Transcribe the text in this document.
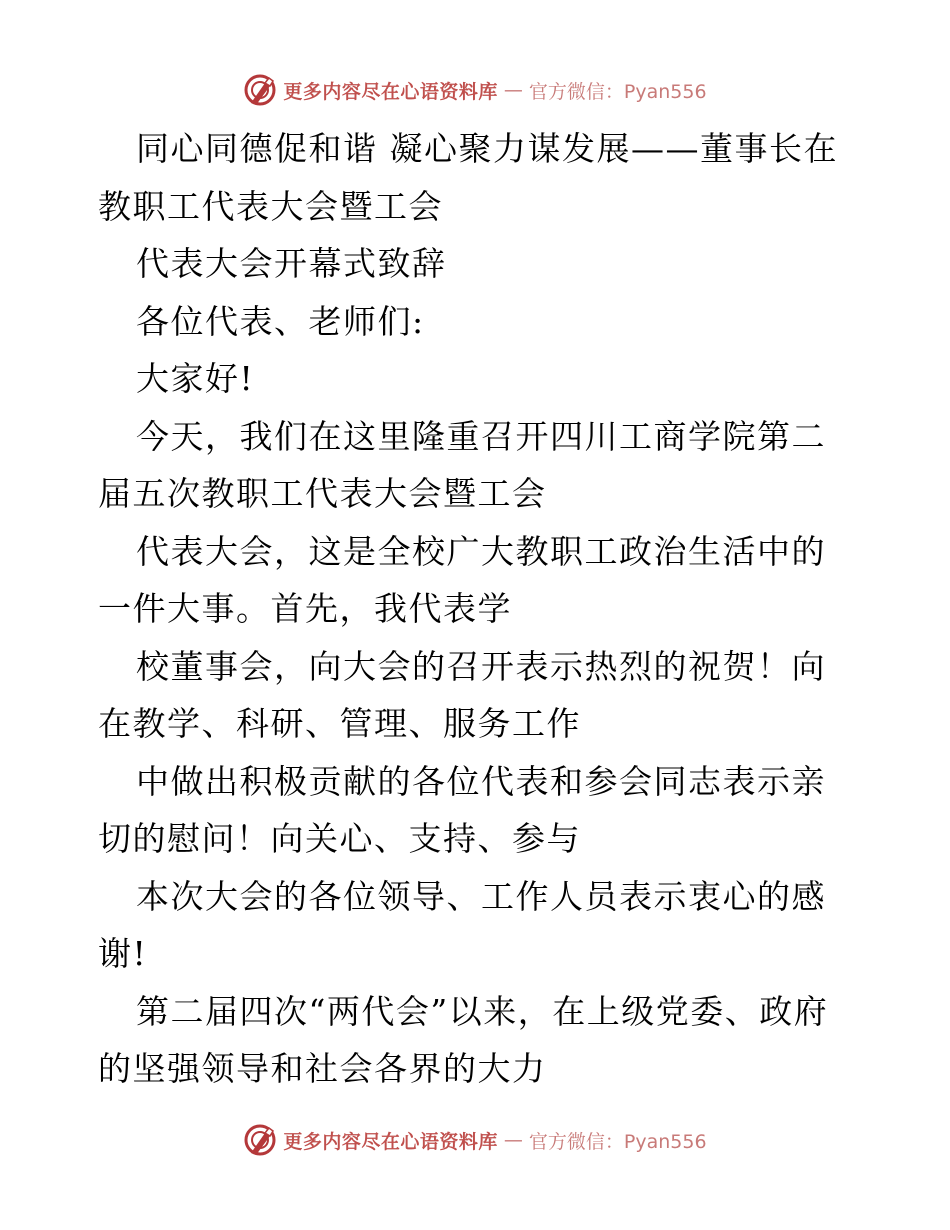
更多内容尽在心语资料库 — 官方微信：Pyan556

同心同德促和谐 凝心聚力谋发展——董事长在教职工代表大会暨工会

代表大会开幕式致辞

各位代表、老师们:

大家好!

今天，我们在这里隆重召开四川工商学院第二届五次教职工代表大会暨工会

代表大会，这是全校广大教职工政治生活中的一件大事。首先，我代表学

校董事会，向大会的召开表示热烈的祝贺！向在教学、科研、管理、服务工作

中做出积极贡献的各位代表和参会同志表示亲切的慰问！向关心、支持、参与

本次大会的各位领导、工作人员表示衷心的感谢!

第二届四次“两代会”以来，在上级党委、政府的坚强领导和社会各界的大力

更多内容尽在心语资料库 — 官方微信：Pyan556
